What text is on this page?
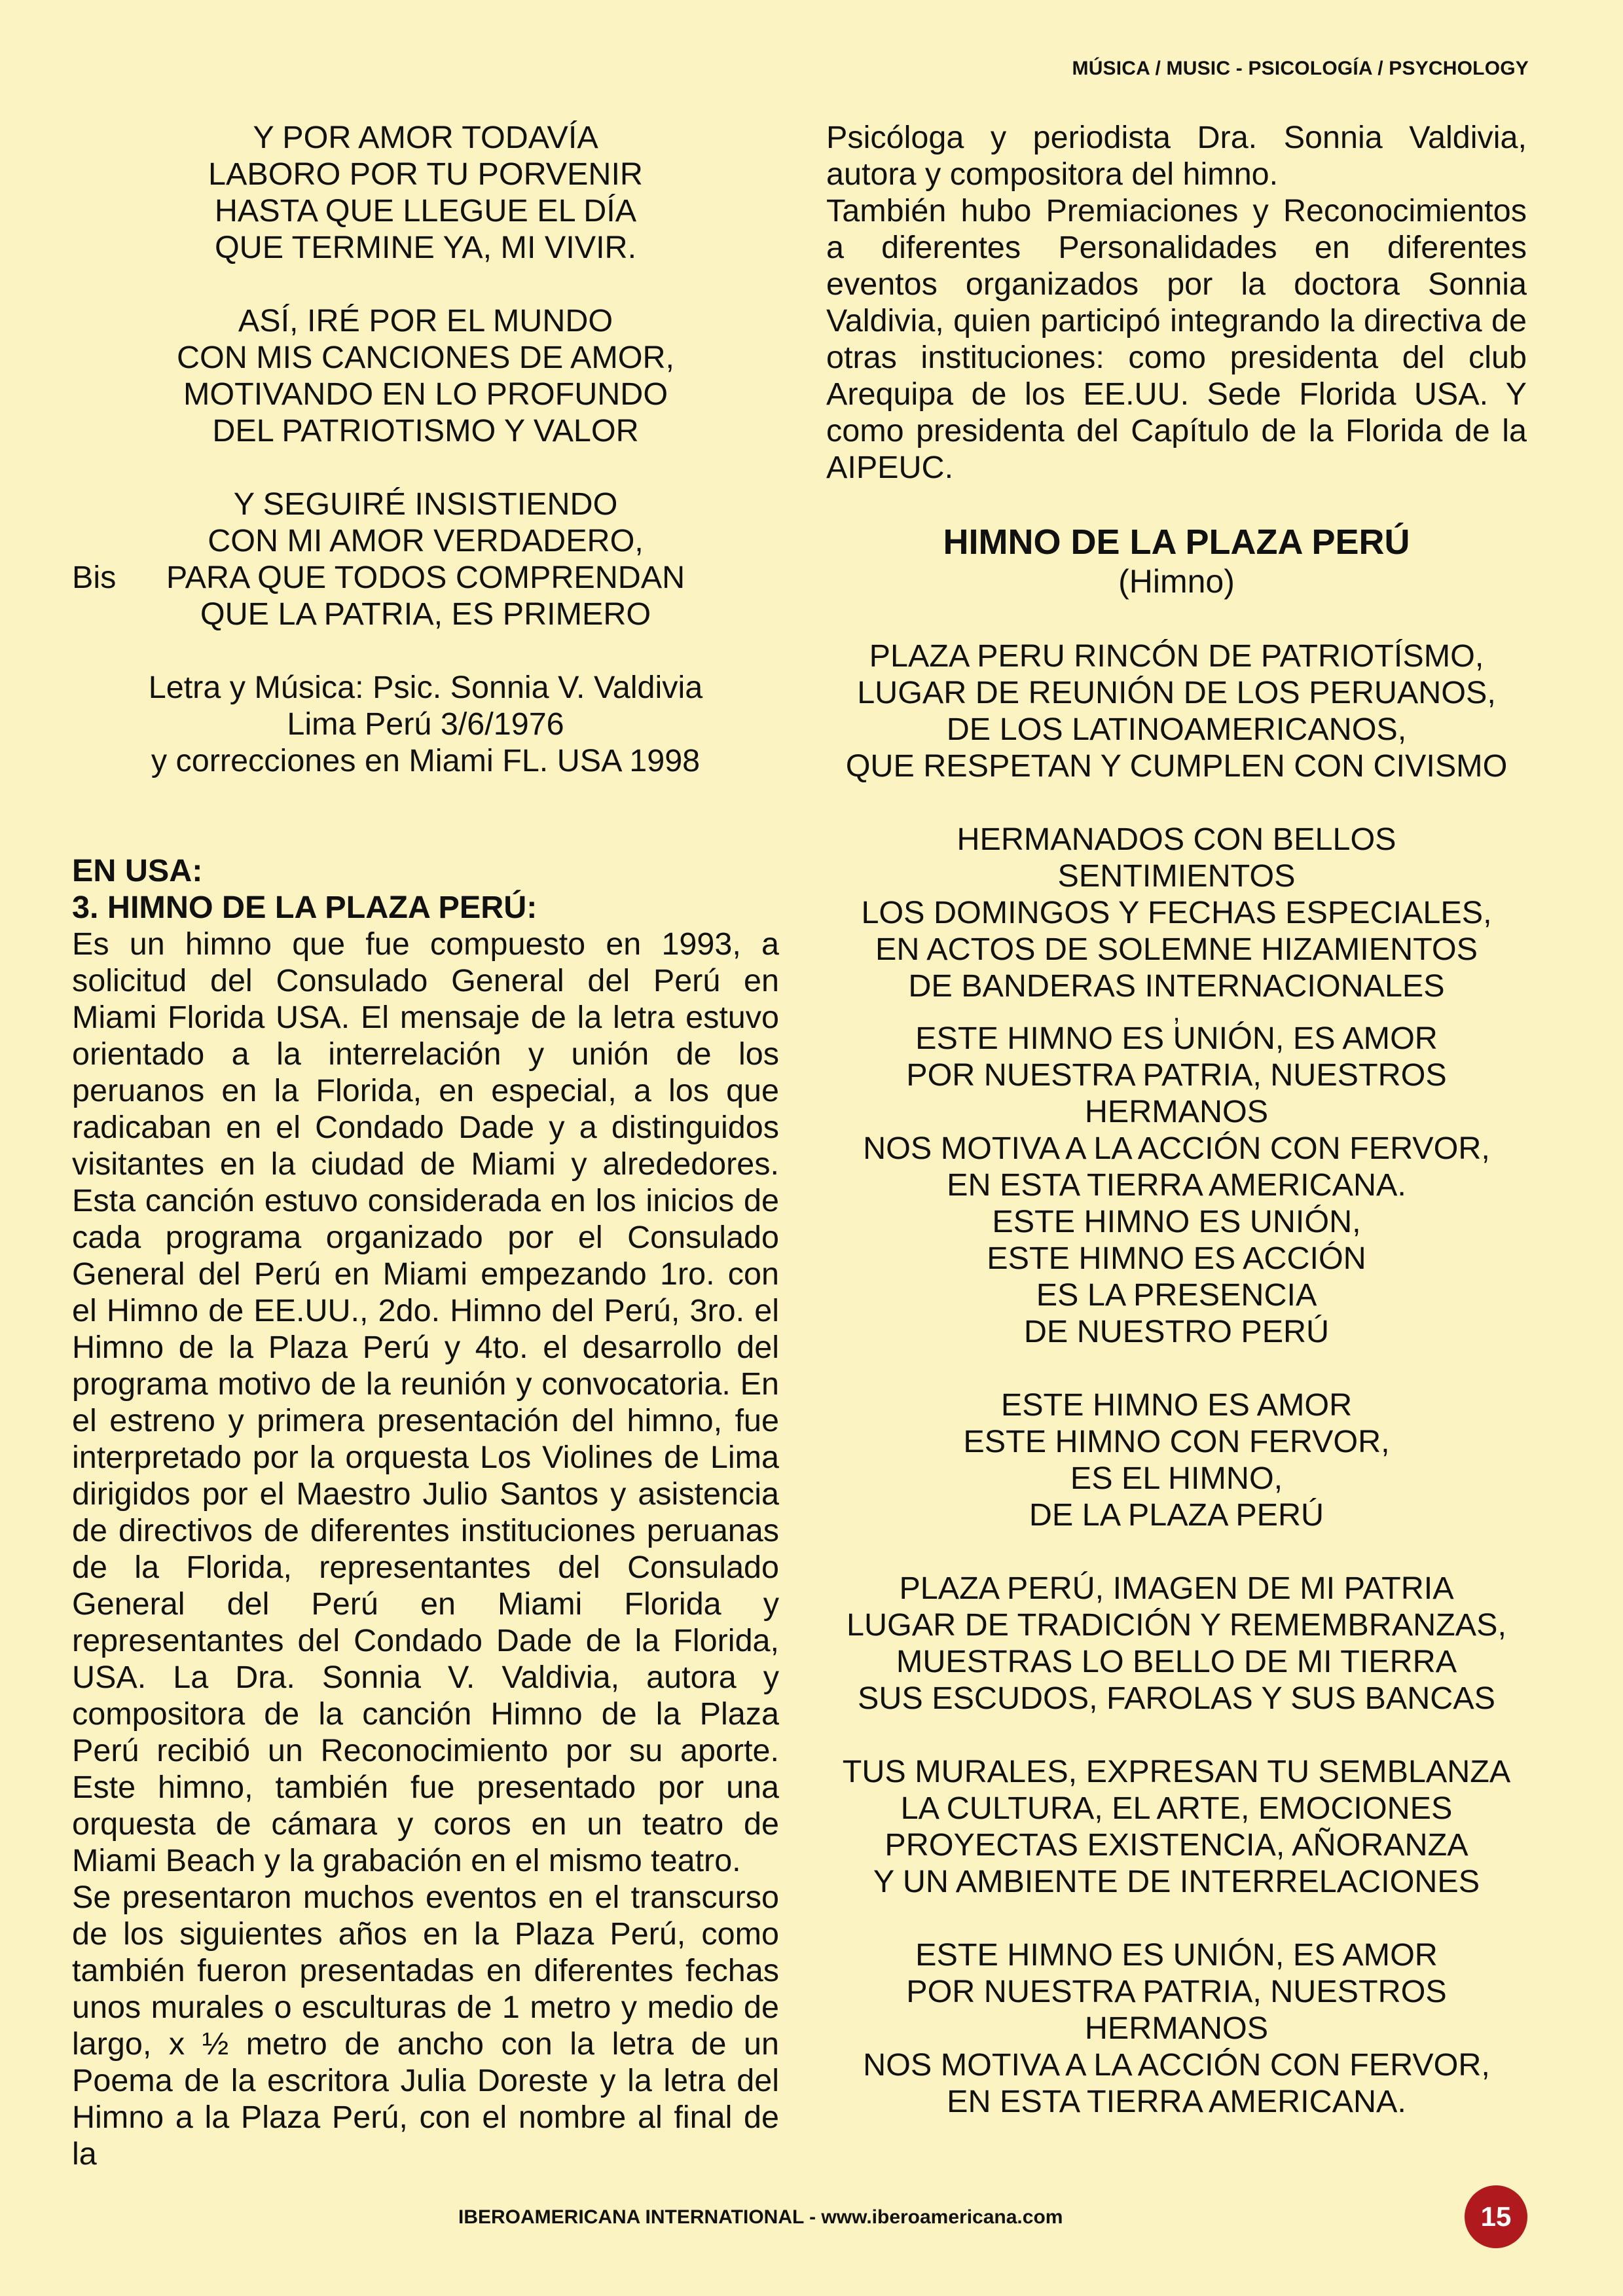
MÚSICA / MUSIC - PSICOLOGÍA / PSYCHOLOGY
Y POR AMOR TODAVÍA
LABORO POR TU PORVENIR
HASTA QUE LLEGUE EL DÍA
QUE TERMINE YA, MI VIVIR.
ASÍ, IRÉ POR EL MUNDO
CON MIS CANCIONES DE AMOR,
MOTIVANDO EN LO PROFUNDO
DEL PATRIOTISMO Y VALOR
Y SEGUIRÉ INSISTIENDO
CON MI AMOR VERDADERO,
Bis PARA QUE TODOS COMPRENDAN
QUE LA PATRIA, ES PRIMERO
Letra y Música: Psic. Sonnia V. Valdivia
Lima Perú 3/6/1976
y correcciones en Miami FL. USA 1998
EN USA:
3. HIMNO DE LA PLAZA PERÚ:

Es un himno que fue compuesto en 1993, a solicitud del Consulado General del Perú en Miami Florida USA. El mensaje de la letra estuvo orientado a la interrelación y unión de los peruanos en la Florida, en especial, a los que radicaban en el Condado Dade y a distinguidos visitantes en la ciudad de Miami y alrededores. Esta canción estuvo considerada en los inicios de cada programa organizado por el Consulado General del Perú en Miami empezando 1ro. con el Himno de EE.UU., 2do. Himno del Perú, 3ro. el Himno de la Plaza Perú y 4to. el desarrollo del programa motivo de la reunión y convocatoria. En el estreno y primera presentación del himno, fue interpretado por la orquesta Los Violines de Lima dirigidos por el Maestro Julio Santos y asistencia de directivos de diferentes instituciones peruanas de la Florida, representantes del Consulado General del Perú en Miami Florida y representantes del Condado Dade de la Florida, USA. La Dra. Sonnia V. Valdivia, autora y compositora de la canción Himno de la Plaza Perú recibió un Reconocimiento por su aporte. Este himno, también fue presentado por una orquesta de cámara y coros en un teatro de Miami Beach y la grabación en el mismo teatro.

Se presentaron muchos eventos en el transcurso de los siguientes años en la Plaza Perú, como también fueron presentadas en diferentes fechas unos murales o esculturas de 1 metro y medio de largo, x ½ metro de ancho con la letra de un Poema de la escritora Julia Doreste y la letra del Himno a la Plaza Perú, con el nombre al final de la

Psicóloga y periodista Dra. Sonnia Valdivia, autora y compositora del himno.

También hubo Premiaciones y Reconocimientos a diferentes Personalidades en diferentes eventos organizados por la doctora Sonnia Valdivia, quien participó integrando la directiva de otras instituciones: como presidenta del club Arequipa de los EE.UU. Sede Florida USA. Y como presidenta del Capítulo de la Florida de la AIPEUC.

HIMNO DE LA PLAZA PERÚ
(Himno)
PLAZA PERU RINCÓN DE PATRIOTÍSMO,
LUGAR DE REUNIÓN DE LOS PERUANOS,
DE LOS LATINOAMERICANOS,
QUE RESPETAN Y CUMPLEN CON CIVISMO
HERMANADOS CON BELLOS
SENTIMIENTOS
LOS DOMINGOS Y FECHAS ESPECIALES,
EN ACTOS DE SOLEMNE HIZAMIENTOS
DE BANDERAS INTERNACIONALES
,
ESTE HIMNO ES UNIÓN, ES AMOR
POR NUESTRA PATRIA, NUESTROS
HERMANOS
NOS MOTIVA A LA ACCIÓN CON FERVOR,
EN ESTA TIERRA AMERICANA.
ESTE HIMNO ES UNIÓN,
ESTE HIMNO ES ACCIÓN
ES LA PRESENCIA
DE NUESTRO PERÚ
ESTE HIMNO ES AMOR
ESTE HIMNO CON FERVOR,
ES EL HIMNO,
DE LA PLAZA PERÚ
PLAZA PERÚ, IMAGEN DE MI PATRIA
LUGAR DE TRADICIÓN Y REMEMBRANZAS,
MUESTRAS LO BELLO DE MI TIERRA
SUS ESCUDOS, FAROLAS Y SUS BANCAS
TUS MURALES, EXPRESAN TU SEMBLANZA
LA CULTURA, EL ARTE, EMOCIONES
PROYECTAS EXISTENCIA, AÑORANZA
Y UN AMBIENTE DE INTERRELACIONES
ESTE HIMNO ES UNIÓN, ES AMOR
POR NUESTRA PATRIA, NUESTROS
HERMANOS
NOS MOTIVA A LA ACCIÓN CON FERVOR,
EN ESTA TIERRA AMERICANA.
IBEROAMERICANA INTERNATIONAL - www.iberoamericana.com	15
